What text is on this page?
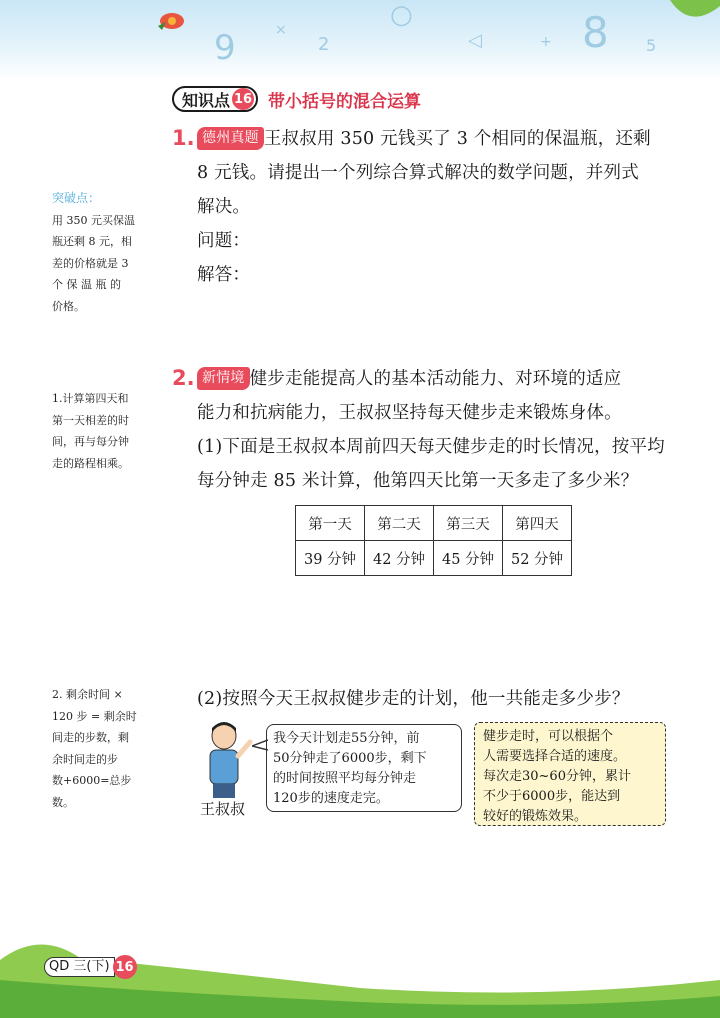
9	×
2
○
◁	+ 8 5
知识点 16 带小括号的混合运算
突破点：
用 350 元买保温
瓶还剩 8 元，相
差的价格就是 3
个 保 温 瓶 的
价格。
1.计算第四天和
第一天相差的时
间，再与每分钟
走的路程相乘。
2. 剩余时间 ×
120 步 = 剩余时
间走的步数，剩
余时间走的步
数+6000=总步
数。
1. 德州真题 王叔叔用 350 元钱买了 3 个相同的保温瓶，还剩
8 元钱。请提出一个列综合算式解决的数学问题，并列式
解决。
问题：
解答：
2. 新情境 健步走能提高人的基本活动能力、对环境的适应
能力和抗病能力，王叔叔坚持每天健步走来锻炼身体。
(1)下面是王叔叔本周前四天每天健步走的时长情况，按平均
每分钟走 85 米计算，他第四天比第一天多走了多少米？
第一天	第二天	第三天	第四天
39 分钟	42 分钟	45 分钟	52 分钟
(2)按照今天王叔叔健步走的计划，他一共能走多少步？
王叔叔
我今天计划走55分钟，前
50分钟走了6000步，剩下
的时间按照平均每分钟走
120步的速度走完。
健步走时，可以根据个
人需要选择合适的速度。
每次走30~60分钟，累计
不少于6000步，能达到
较好的锻炼效果。
QD 三(下) 16
